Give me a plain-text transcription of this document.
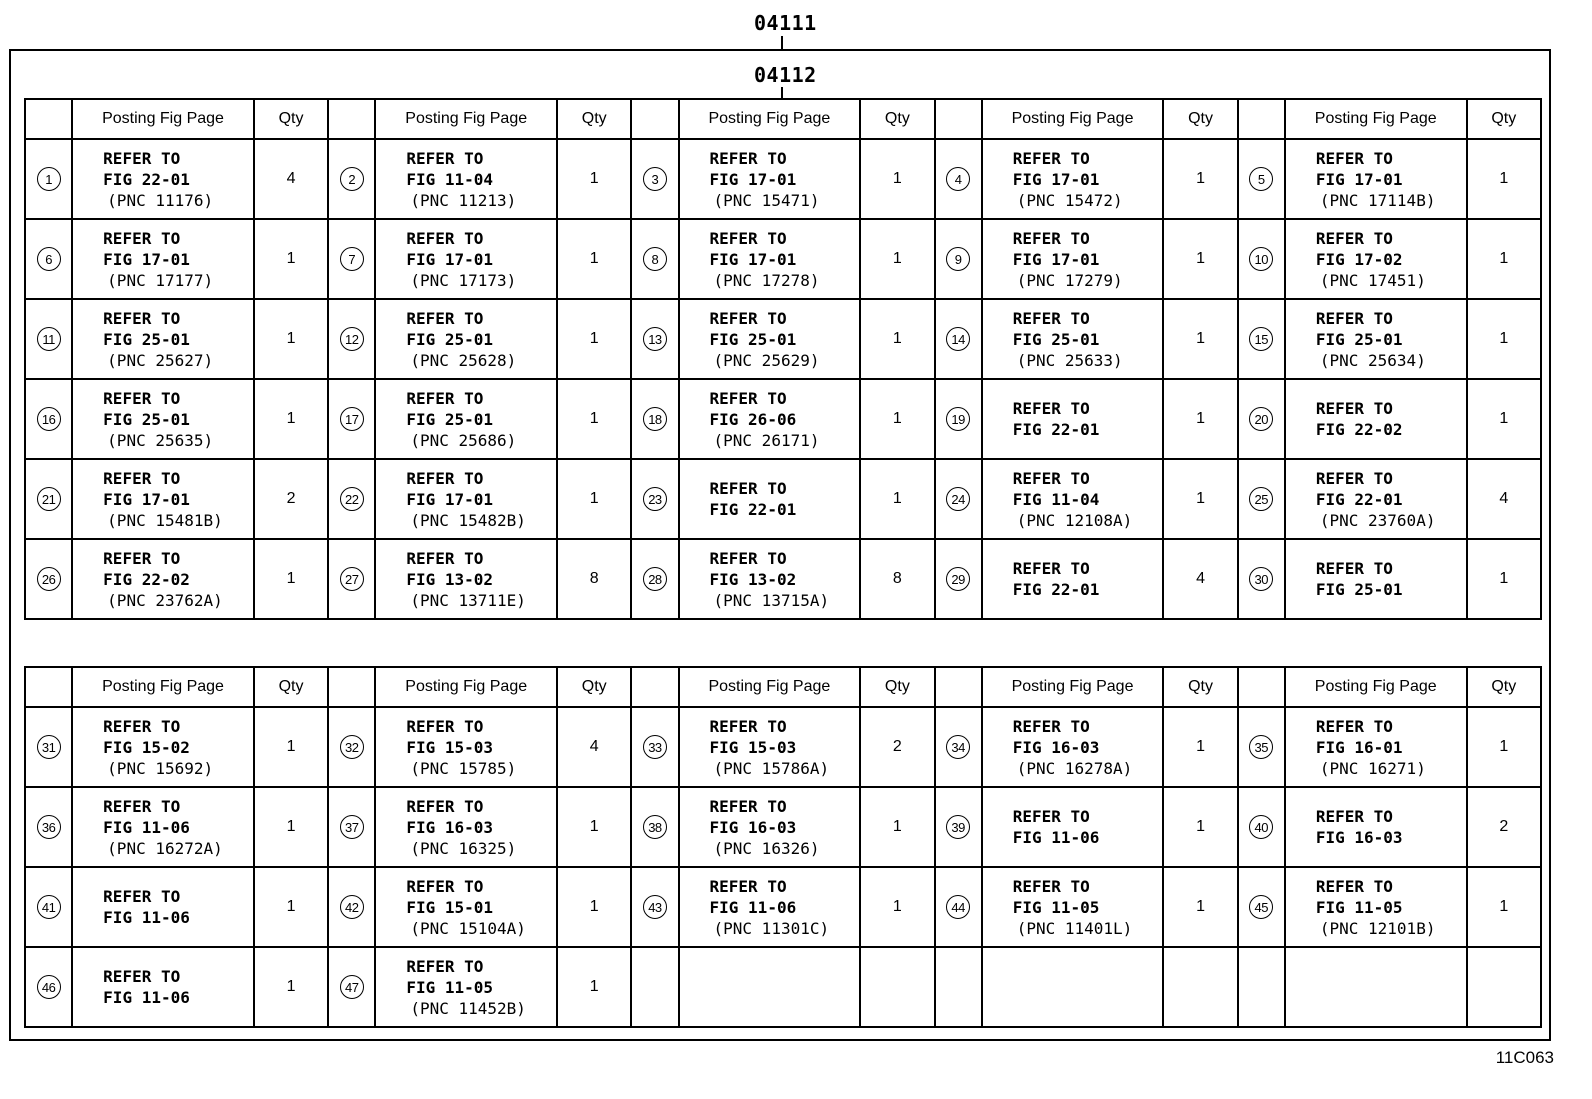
04111
04112
	Posting Fig Page	Qty		Posting Fig Page	Qty		Posting Fig Page	Qty		Posting Fig Page	Qty		Posting Fig Page	Qty
1	REFER TO
FIG 22-01
(PNC 11176)	4	2	REFER TO
FIG 11-04
(PNC 11213)	1	3	REFER TO
FIG 17-01
(PNC 15471)	1	4	REFER TO
FIG 17-01
(PNC 15472)	1	5	REFER TO
FIG 17-01
(PNC 17114B)	1
6	REFER TO
FIG 17-01
(PNC 17177)	1	7	REFER TO
FIG 17-01
(PNC 17173)	1	8	REFER TO
FIG 17-01
(PNC 17278)	1	9	REFER TO
FIG 17-01
(PNC 17279)	1	10	REFER TO
FIG 17-02
(PNC 17451)	1
11	REFER TO
FIG 25-01
(PNC 25627)	1	12	REFER TO
FIG 25-01
(PNC 25628)	1	13	REFER TO
FIG 25-01
(PNC 25629)	1	14	REFER TO
FIG 25-01
(PNC 25633)	1	15	REFER TO
FIG 25-01
(PNC 25634)	1
16	REFER TO
FIG 25-01
(PNC 25635)	1	17	REFER TO
FIG 25-01
(PNC 25686)	1	18	REFER TO
FIG 26-06
(PNC 26171)	1	19	REFER TO
FIG 22-01	1	20	REFER TO
FIG 22-02	1
21	REFER TO
FIG 17-01
(PNC 15481B)	2	22	REFER TO
FIG 17-01
(PNC 15482B)	1	23	REFER TO
FIG 22-01	1	24	REFER TO
FIG 11-04
(PNC 12108A)	1	25	REFER TO
FIG 22-01
(PNC 23760A)	4
26	REFER TO
FIG 22-02
(PNC 23762A)	1	27	REFER TO
FIG 13-02
(PNC 13711E)	8	28	REFER TO
FIG 13-02
(PNC 13715A)	8	29	REFER TO
FIG 22-01	4	30	REFER TO
FIG 25-01	1
	Posting Fig Page	Qty		Posting Fig Page	Qty		Posting Fig Page	Qty		Posting Fig Page	Qty		Posting Fig Page	Qty
31	REFER TO
FIG 15-02
(PNC 15692)	1	32	REFER TO
FIG 15-03
(PNC 15785)	4	33	REFER TO
FIG 15-03
(PNC 15786A)	2	34	REFER TO
FIG 16-03
(PNC 16278A)	1	35	REFER TO
FIG 16-01
(PNC 16271)	1
36	REFER TO
FIG 11-06
(PNC 16272A)	1	37	REFER TO
FIG 16-03
(PNC 16325)	1	38	REFER TO
FIG 16-03
(PNC 16326)	1	39	REFER TO
FIG 11-06	1	40	REFER TO
FIG 16-03	2
41	REFER TO
FIG 11-06	1	42	REFER TO
FIG 15-01
(PNC 15104A)	1	43	REFER TO
FIG 11-06
(PNC 11301C)	1	44	REFER TO
FIG 11-05
(PNC 11401L)	1	45	REFER TO
FIG 11-05
(PNC 12101B)	1
46	REFER TO
FIG 11-06	1	47	REFER TO
FIG 11-05
(PNC 11452B)	1									
11C063
